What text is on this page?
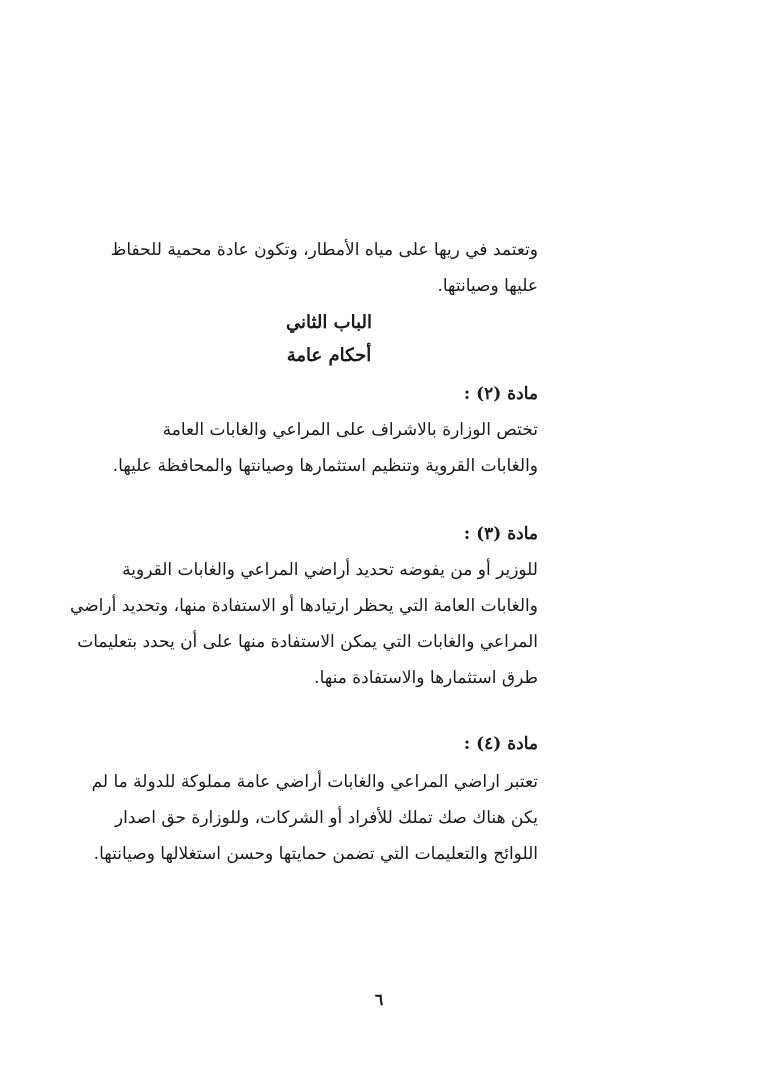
وتعتمد في ريها على مياه الأمطار، وتكون عادة محمية للحفاظ
عليها وصيانتها.
الباب الثاني
أحكام عامة
مادة (٢) :
تختص الوزارة بالاشراف على المراعي والغابات العامة
والغابات القروية وتنظيم استثمارها وصيانتها والمحافظة عليها.
مادة (٣) :
للوزير أو من يفوضه تحديد أراضي المراعي والغابات القروية
والغابات العامة التي يحظر ارتيادها أو الاستفادة منها، وتحديد أراضي
المراعي والغابات التي يمكن الاستفادة منها على أن يحدد بتعليمات
طرق استثمارها والاستفادة منها.
مادة (٤) :
تعتبر اراضي المراعي والغابات أراضي عامة مملوكة للدولة ما لم
يكن هناك صك تملك للأفراد أو الشركات، وللوزارة حق اصدار
اللوائح والتعليمات التي تضمن حمايتها وحسن استغلالها وصيانتها.
٦
